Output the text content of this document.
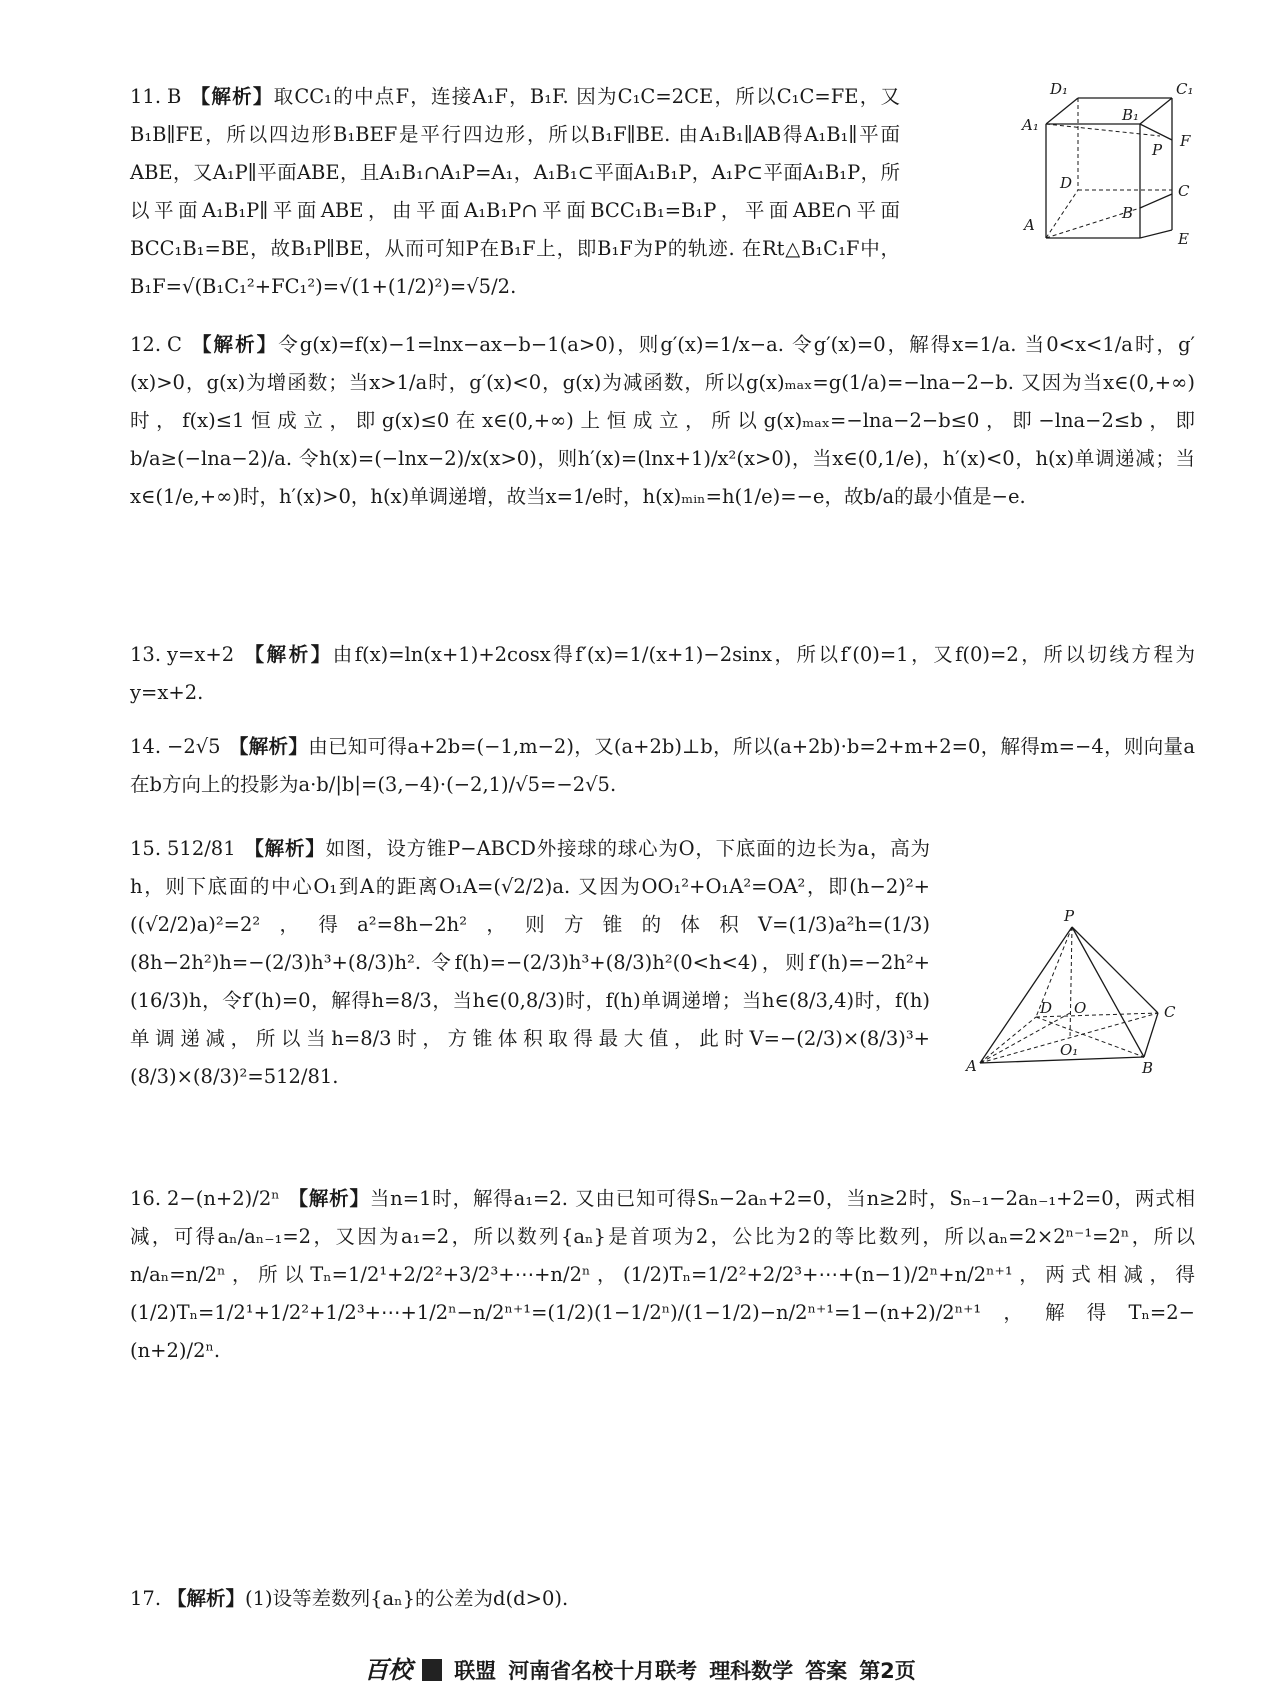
11. B 【解析】取CC₁的中点F，连接A₁F，B₁F. 因为C₁C=2CE，所以C₁C=FE，又B₁B∥FE，所以四边形B₁BEF是平行四边形，所以B₁F∥BE. 由A₁B₁∥AB得A₁B₁∥平面ABE，又A₁P∥平面ABE，且A₁B₁∩A₁P=A₁，A₁B₁⊂平面A₁B₁P，A₁P⊂平面A₁B₁P，所以平面A₁B₁P∥平面ABE，由平面A₁B₁P∩平面BCC₁B₁=B₁P，平面ABE∩平面BCC₁B₁=BE，故B₁P∥BE，从而可知P在B₁F上，即B₁F为P的轨迹. 在Rt△B₁C₁F中，B₁F=√(B₁C₁²+FC₁²)=√(1+(1/2)²)=√5/2.
D₁	C₁
A₁
B₁
F
P
D	C
B
A
E
12. C 【解析】令g(x)=f(x)−1=lnx−ax−b−1(a>0)，则g′(x)=1/x−a. 令g′(x)=0，解得x=1/a. 当0<x<1/a时，g′(x)>0，g(x)为增函数；当x>1/a时，g′(x)<0，g(x)为减函数，所以g(x)ₘₐₓ=g(1/a)=−lna−2−b. 又因为当x∈(0,+∞)时，f(x)≤1恒成立，即g(x)≤0在x∈(0,+∞)上恒成立，所以g(x)ₘₐₓ=−lna−2−b≤0，即−lna−2≤b，即b/a≥(−lna−2)/a. 令h(x)=(−lnx−2)/x(x>0)，则h′(x)=(lnx+1)/x²(x>0)，当x∈(0,1/e)，h′(x)<0，h(x)单调递减；当x∈(1/e,+∞)时，h′(x)>0，h(x)单调递增，故当x=1/e时，h(x)ₘᵢₙ=h(1/e)=−e，故b/a的最小值是−e.
13. y=x+2 【解析】由f(x)=ln(x+1)+2cosx得f′(x)=1/(x+1)−2sinx，所以f′(0)=1，又f(0)=2，所以切线方程为y=x+2.
14. −2√5 【解析】由已知可得a+2b=(−1,m−2)，又(a+2b)⊥b，所以(a+2b)·b=2+m+2=0，解得m=−4，则向量a在b方向上的投影为a·b/|b|=(3,−4)·(−2,1)/√5=−2√5.
15. 512/81 【解析】如图，设方锥P−ABCD外接球的球心为O，下底面的边长为a，高为h，则下底面的中心O₁到A的距离O₁A=(√2/2)a. 又因为OO₁²+O₁A²=OA²，即(h−2)²+((√2/2)a)²=2²，得a²=8h−2h²，则方锥的体积V=(1/3)a²h=(1/3)(8h−2h²)h=−(2/3)h³+(8/3)h². 令f(h)=−(2/3)h³+(8/3)h²(0<h<4)，则f′(h)=−2h²+(16/3)h，令f′(h)=0，解得h=8/3，当h∈(0,8/3)时，f(h)单调递增；当h∈(8/3,4)时，f(h)单调递减，所以当h=8/3时，方锥体积取得最大值，此时V=−(2/3)×(8/3)³+(8/3)×(8/3)²=512/81.
P
D O	C
O₁
A	B
16. 2−(n+2)/2ⁿ 【解析】当n=1时，解得a₁=2. 又由已知可得Sₙ−2aₙ+2=0，当n≥2时，Sₙ₋₁−2aₙ₋₁+2=0，两式相减，可得aₙ/aₙ₋₁=2，又因为a₁=2，所以数列{aₙ}是首项为2，公比为2的等比数列，所以aₙ=2×2ⁿ⁻¹=2ⁿ，所以n/aₙ=n/2ⁿ，所以Tₙ=1/2¹+2/2²+3/2³+⋯+n/2ⁿ，(1/2)Tₙ=1/2²+2/2³+⋯+(n−1)/2ⁿ+n/2ⁿ⁺¹，两式相减，得(1/2)Tₙ=1/2¹+1/2²+1/2³+⋯+1/2ⁿ−n/2ⁿ⁺¹=(1/2)(1−1/2ⁿ)/(1−1/2)−n/2ⁿ⁺¹=1−(n+2)/2ⁿ⁺¹，解得Tₙ=2−(n+2)/2ⁿ.
17. 【解析】(1)设等差数列{aₙ}的公差为d(d>0).
百校 联盟 河南省名校十月联考 理科数学 答案 第2页
